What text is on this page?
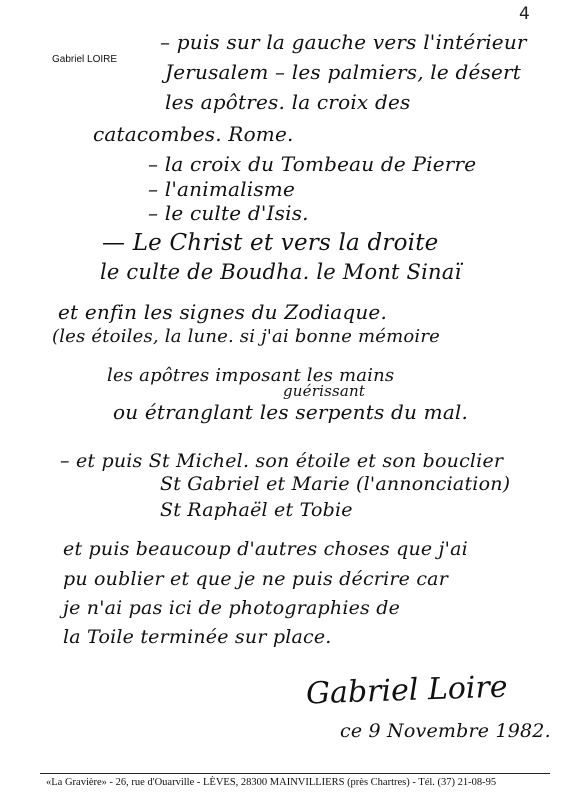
4
Gabriel LOIRE
– puis sur la gauche vers l'intérieur
Jerusalem – les palmiers, le désert
les apôtres. la croix des
catacombes. Rome.
– la croix du Tombeau de Pierre
– l'animalisme
– le culte d'Isis.
— Le Christ et vers la droite
le culte de Boudha. le Mont Sinaï
et enfin les signes du Zodiaque.
(les étoiles, la lune. si j'ai bonne mémoire
les apôtres imposant les mains
guérissant
ou étranglant les serpents du mal.
– et puis St Michel. son étoile et son bouclier
St Gabriel et Marie (l'annonciation)
St Raphaël et Tobie
et puis beaucoup d'autres choses que j'ai
pu oublier et que je ne puis décrire car
je n'ai pas ici de photographies de
la Toile terminée sur place.
Gabriel Loire
ce 9 Novembre 1982.
«La Gravière» - 26, rue d'Ouarville - LÈVES, 28300 MAINVILLIERS (près Chartres) - Tél. (37) 21-08-95
